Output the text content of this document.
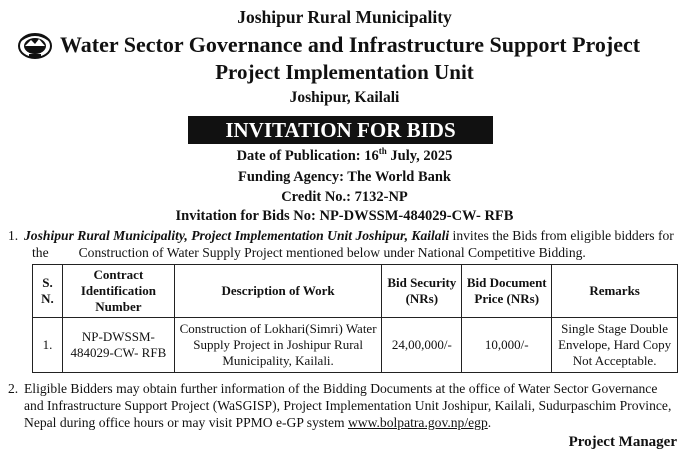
Joshipur Rural Municipality
Water Sector Governance and Infrastructure Support Project
Project Implementation Unit
Joshipur, Kailali
INVITATION FOR BIDS
Date of Publication: 16th July, 2025
Funding Agency: The World Bank
Credit No.: 7132-NP
Invitation for Bids No: NP-DWSSM-484029-CW- RFB
1. Joshipur Rural Municipality, Project Implementation Unit Joshipur, Kailali invites the Bids from eligible bidders for
the Construction of Water Supply Project mentioned below under National Competitive Bidding.
S. N.	Contract Identification Number	Description of Work	Bid Security (NRs)	Bid Document Price (NRs)	Remarks
1.	NP-DWSSM-484029-CW- RFB	Construction of Lokhari(Simri) Water Supply Project in Joshipur Rural Municipality, Kailali.	24,00,000/-	10,000/-	Single Stage Double Envelope, Hard Copy Not Acceptable.
2. Eligible Bidders may obtain further information of the Bidding Documents at the office of Water Sector Governance and Infrastructure Support Project (WaSGISP), Project Implementation Unit Joshipur, Kailali, Sudurpaschim Province, Nepal during office hours or may visit PPMO e-GP system www.bolpatra.gov.np/egp.
Project Manager
